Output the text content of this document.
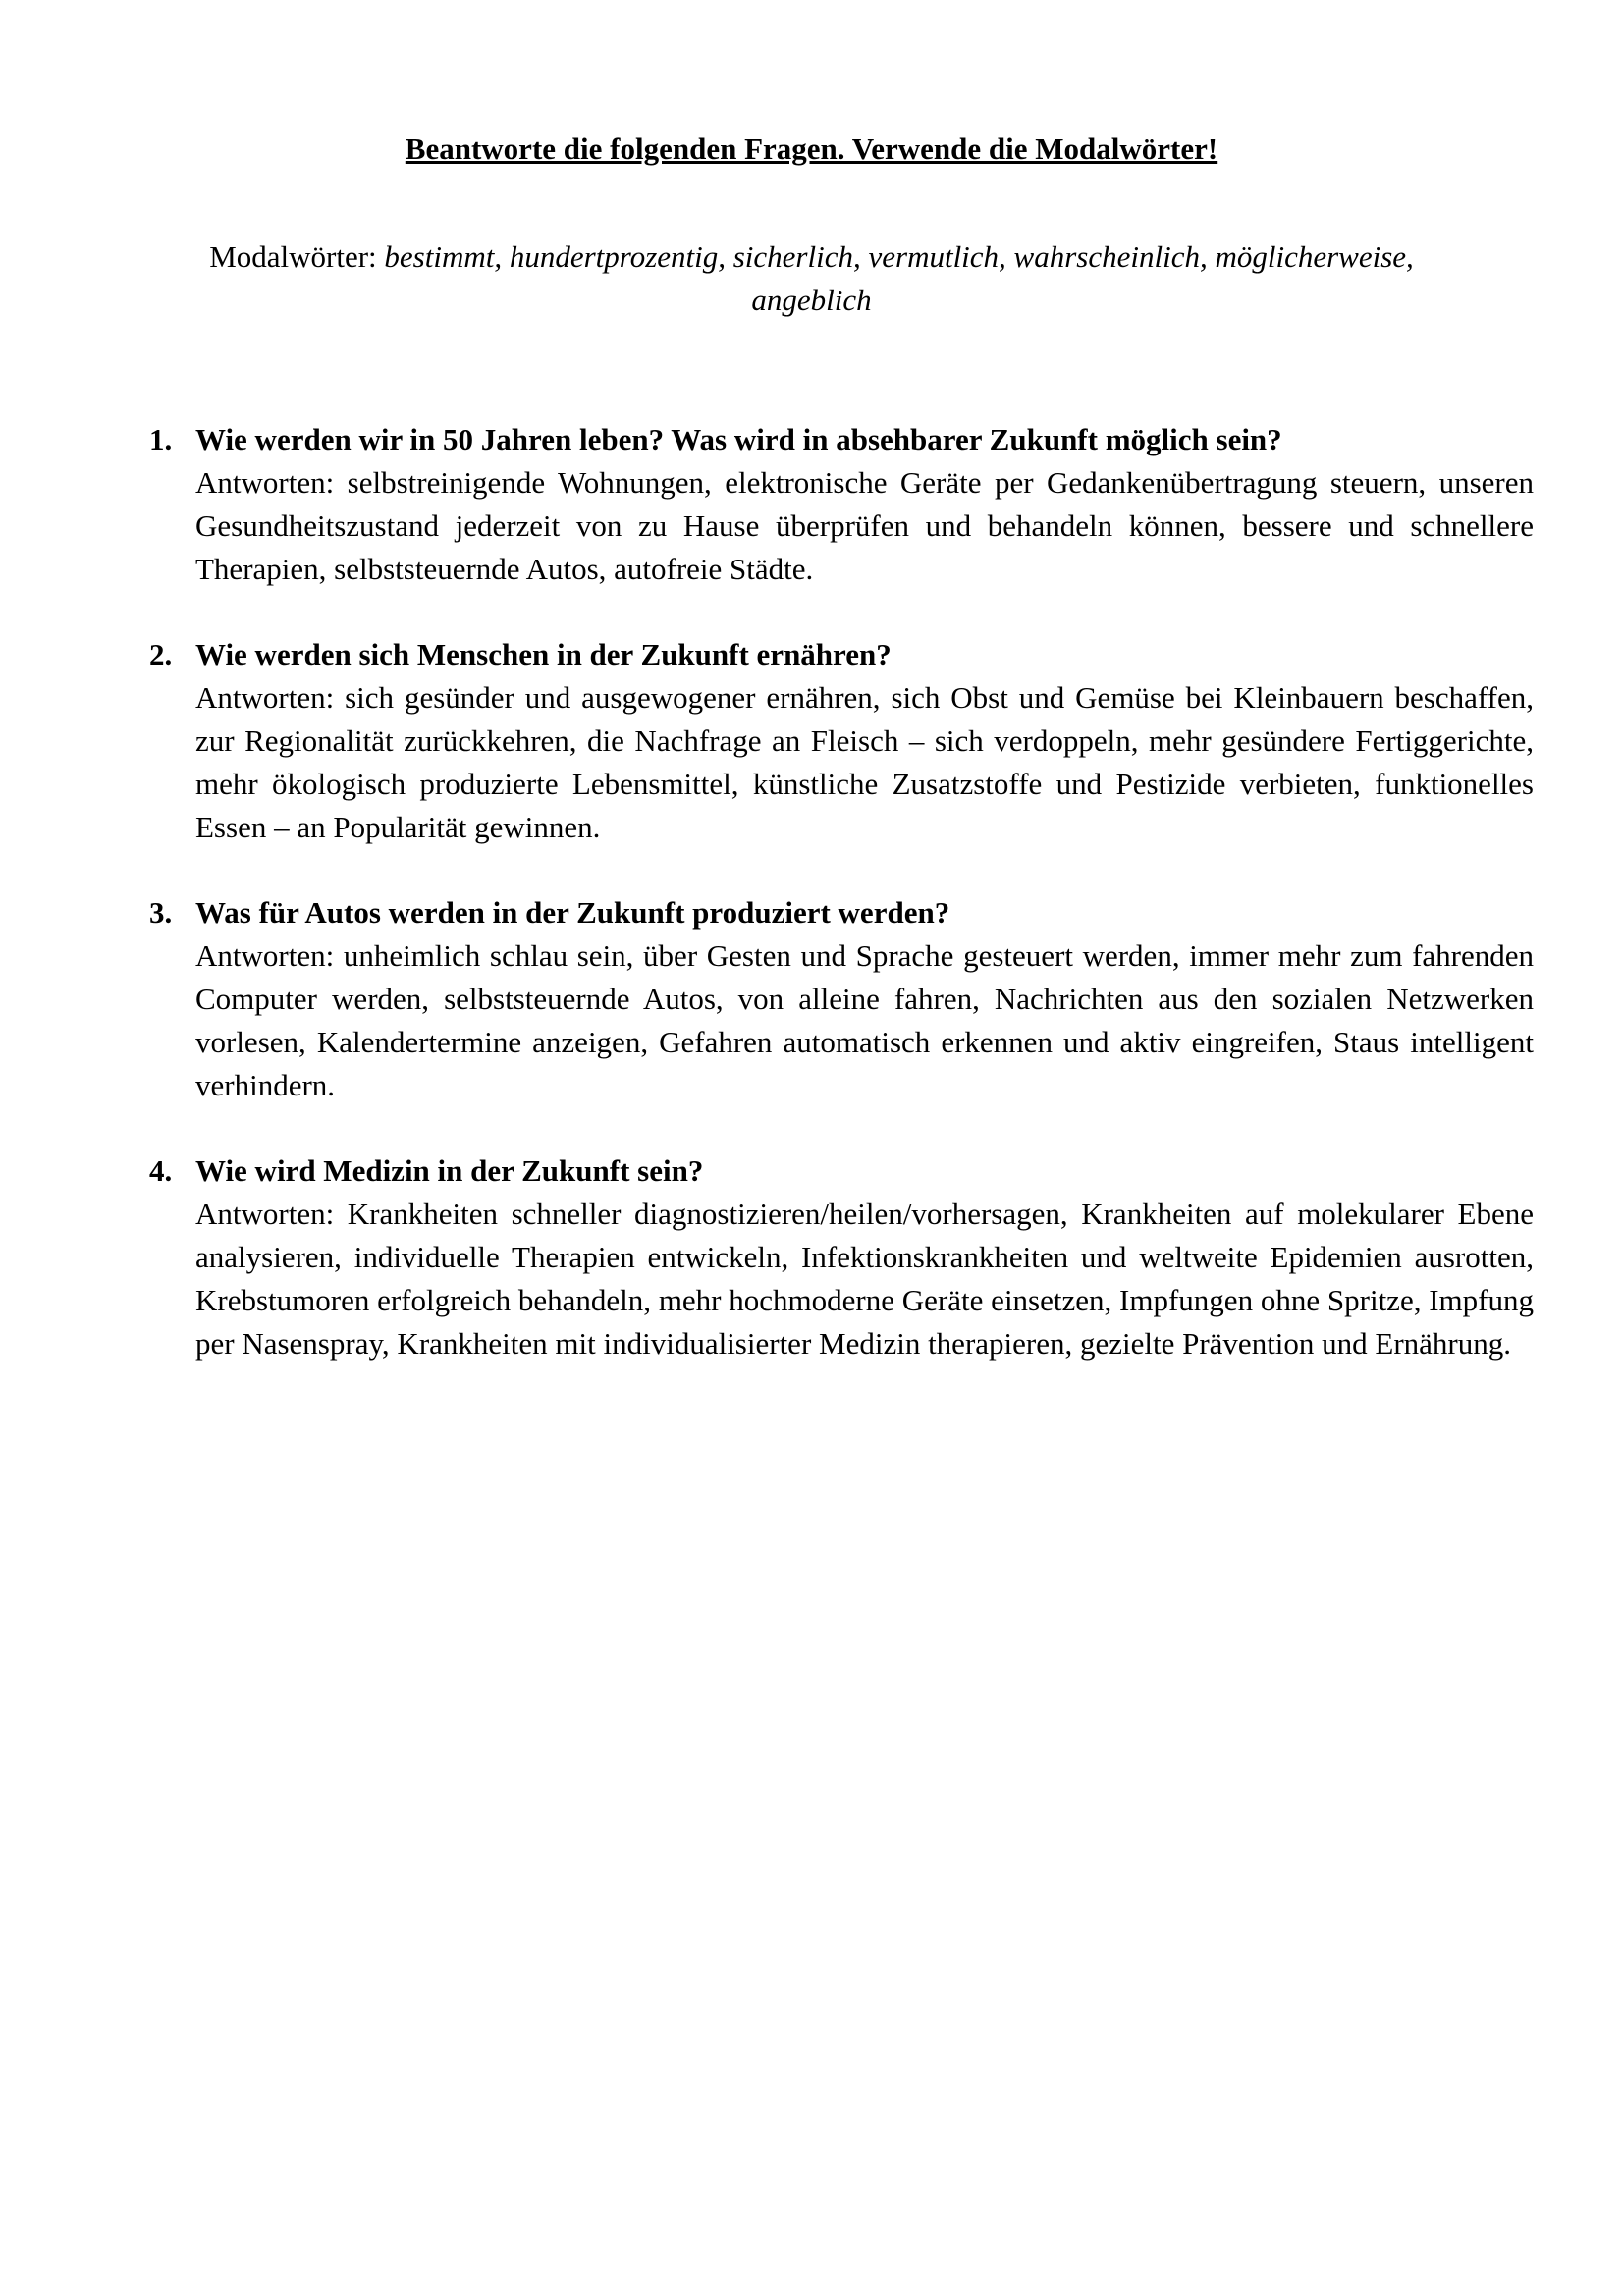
Beantworte die folgenden Fragen. Verwende die Modalwörter!

Modalwörter: bestimmt, hundertprozentig, sicherlich, vermutlich, wahrscheinlich, möglicherweise, angeblich

1. Wie werden wir in 50 Jahren leben? Was wird in absehbarer Zukunft möglich sein?

Antworten: selbstreinigende Wohnungen, elektronische Geräte per Gedankenübertragung steuern, unseren Gesundheitszustand jederzeit von zu Hause überprüfen und behandeln können, bessere und schnellere Therapien, selbststeuernde Autos, autofreie Städte.

2. Wie werden sich Menschen in der Zukunft ernähren?

Antworten: sich gesünder und ausgewogener ernähren, sich Obst und Gemüse bei Kleinbauern beschaffen, zur Regionalität zurückkehren, die Nachfrage an Fleisch – sich verdoppeln, mehr gesündere Fertiggerichte, mehr ökologisch produzierte Lebensmittel, künstliche Zusatzstoffe und Pestizide verbieten, funktionelles Essen – an Popularität gewinnen.

3. Was für Autos werden in der Zukunft produziert werden?

Antworten: unheimlich schlau sein, über Gesten und Sprache gesteuert werden, immer mehr zum fahrenden Computer werden, selbststeuernde Autos, von alleine fahren, Nachrichten aus den sozialen Netzwerken vorlesen, Kalendertermine anzeigen, Gefahren automatisch erkennen und aktiv eingreifen, Staus intelligent verhindern.

4. Wie wird Medizin in der Zukunft sein?

Antworten: Krankheiten schneller diagnostizieren/heilen/vorhersagen, Krankheiten auf molekularer Ebene analysieren, individuelle Therapien entwickeln, Infektionskrankheiten und weltweite Epidemien ausrotten, Krebstumoren erfolgreich behandeln, mehr hochmoderne Geräte einsetzen, Impfungen ohne Spritze, Impfung per Nasenspray, Krankheiten mit individualisierter Medizin therapieren, gezielte Prävention und Ernährung.
